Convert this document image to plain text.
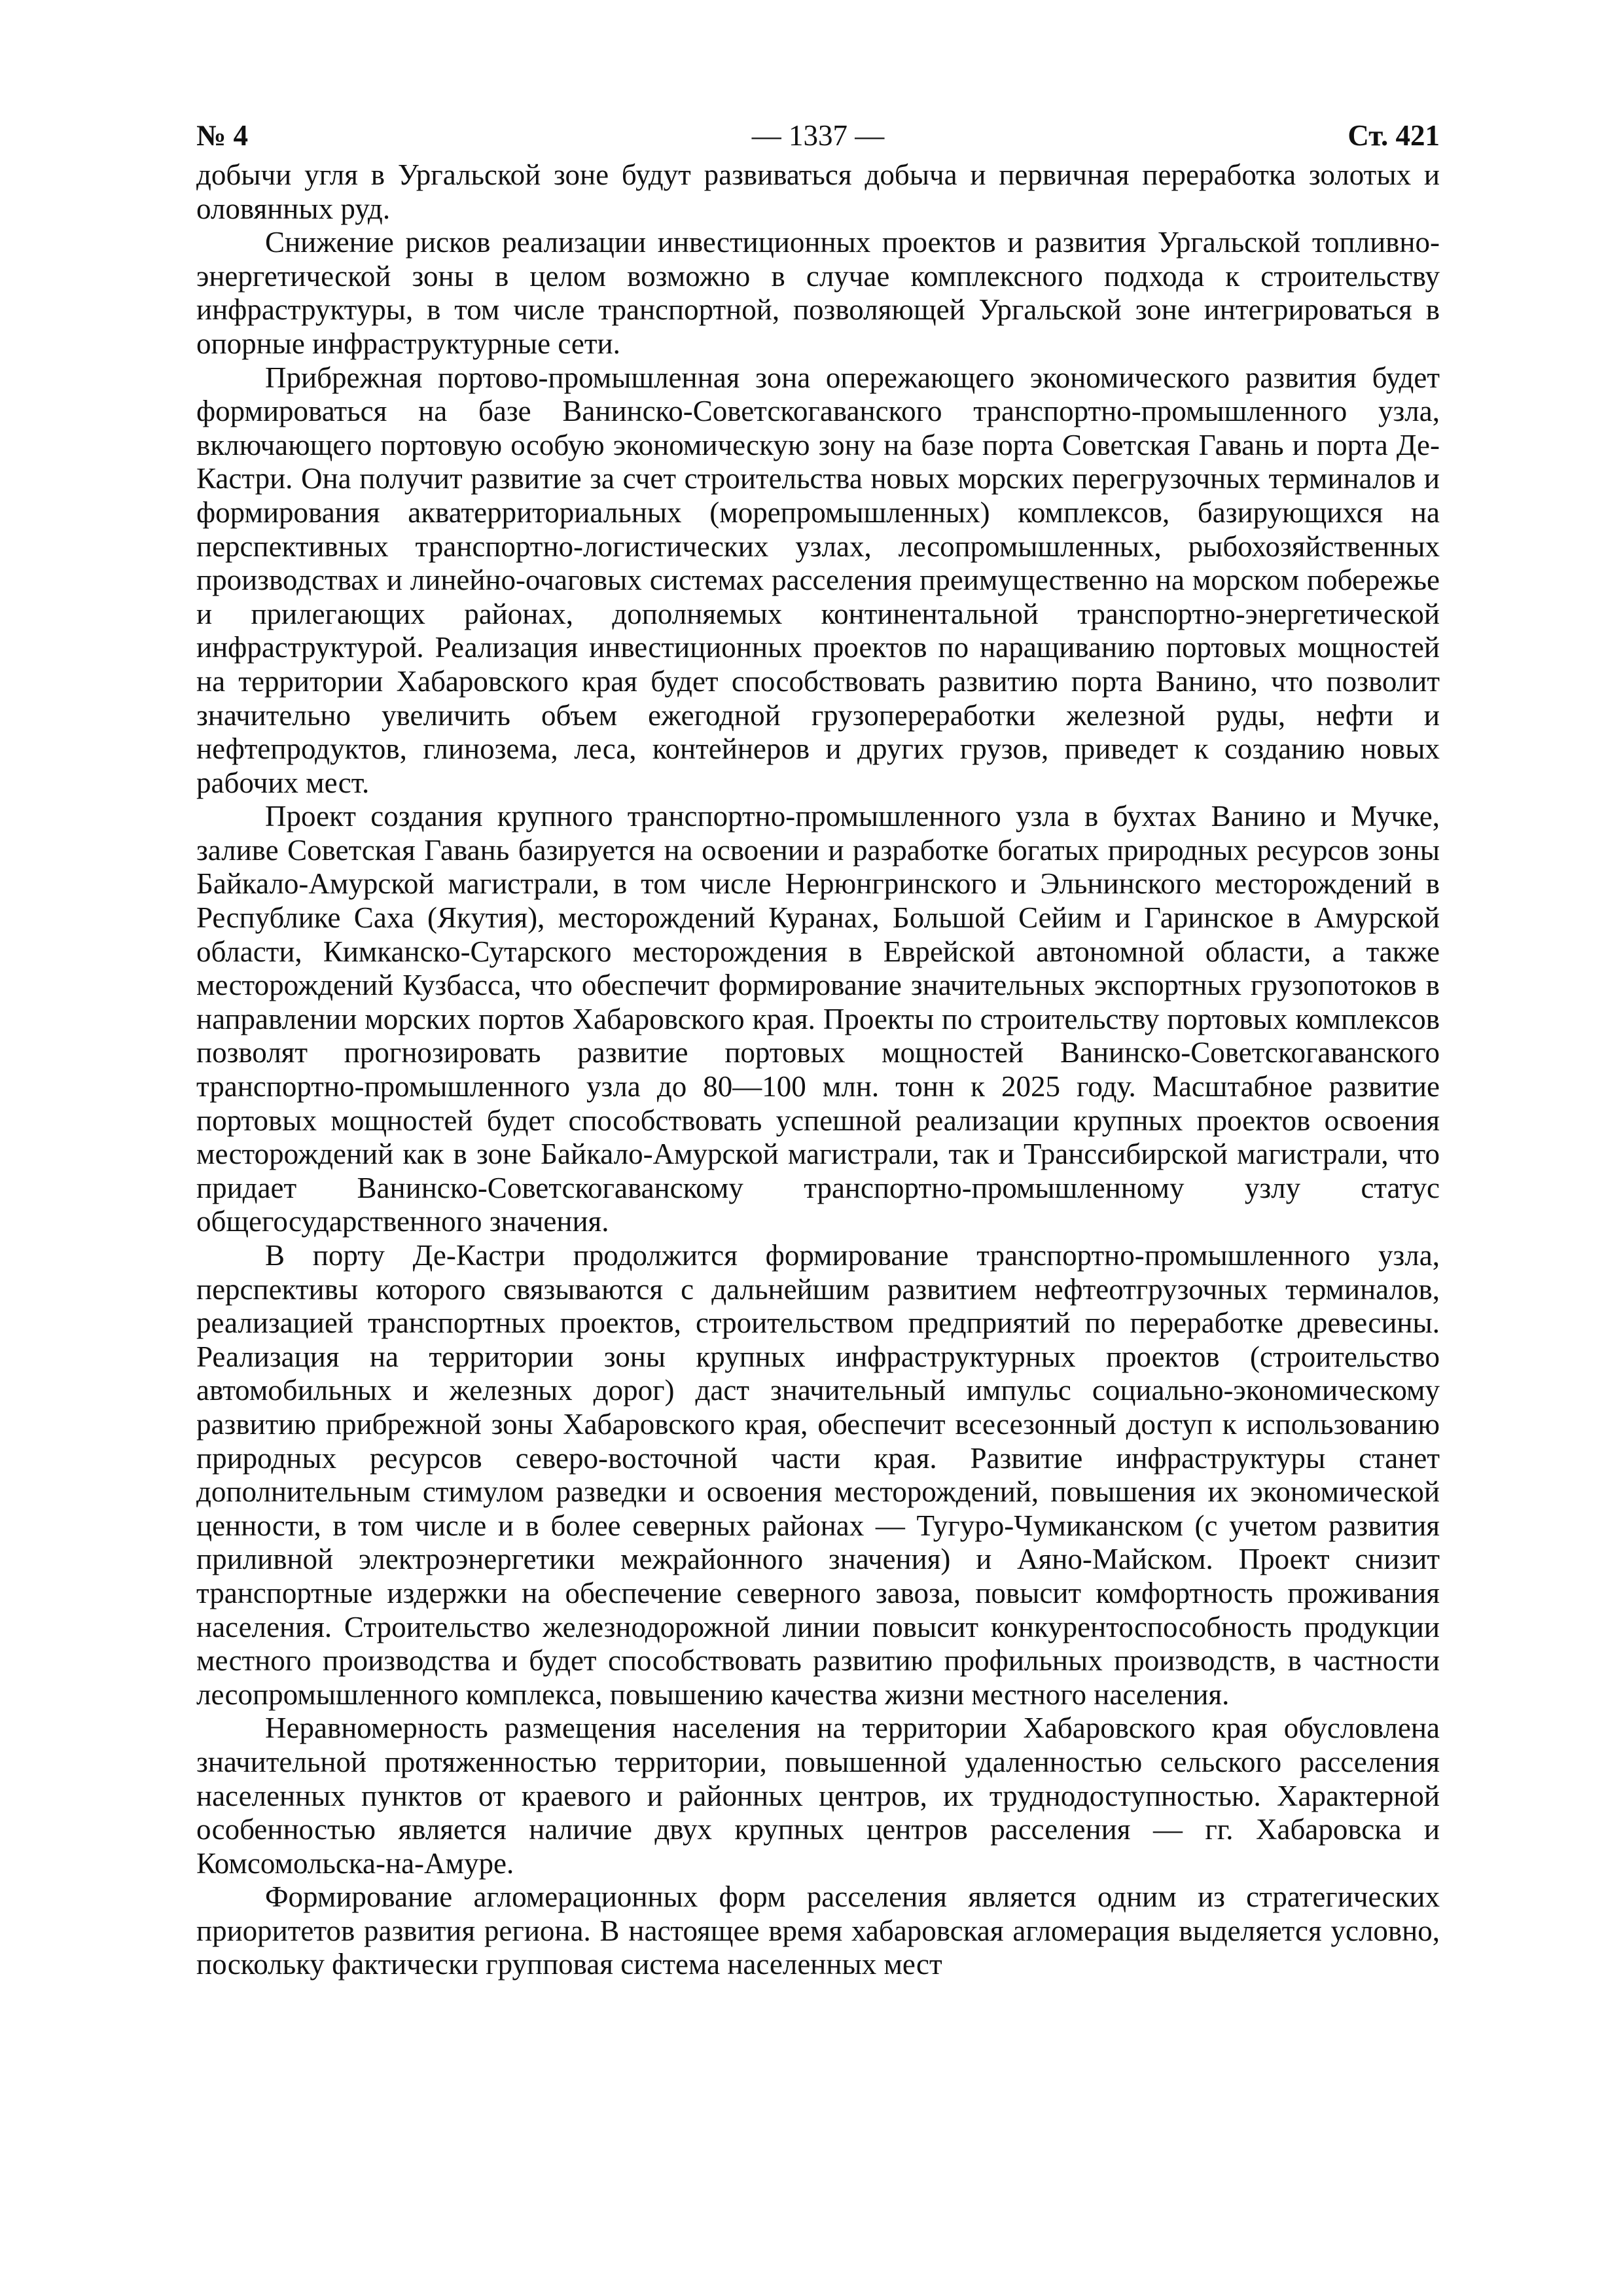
№ 4	— 1337 —	Ст. 421

добычи угля в Ургальской зоне будут развиваться добыча и первичная переработка золотых и оловянных руд.

Снижение рисков реализации инвестиционных проектов и развития Ургальской топливно-энергетической зоны в целом возможно в случае комплексного подхода к строительству инфраструктуры, в том числе транспортной, позволяющей Ургальской зоне интегрироваться в опорные инфраструктурные сети.

Прибрежная портово-промышленная зона опережающего экономического развития будет формироваться на базе Ванинско-Советскогаванского транспортно-промышленного узла, включающего портовую особую экономическую зону на базе порта Советская Гавань и порта Де-Кастри. Она получит развитие за счет строительства новых морских перегрузочных терминалов и формирования акватерриториальных (морепромышленных) комплексов, базирующихся на перспективных транспортно-логистических узлах, лесопромышленных, рыбохозяйственных производствах и линейно-очаговых системах расселения преимущественно на морском побережье и прилегающих районах, дополняемых континентальной транспортно-энергетической инфраструктурой. Реализация инвестиционных проектов по наращиванию портовых мощностей на территории Хабаровского края будет способствовать развитию порта Ванино, что позволит значительно увеличить объем ежегодной грузопереработки железной руды, нефти и нефтепродуктов, глинозема, леса, контейнеров и других грузов, приведет к созданию новых рабочих мест.

Проект создания крупного транспортно-промышленного узла в бухтах Ванино и Мучке, заливе Советская Гавань базируется на освоении и разработке богатых природных ресурсов зоны Байкало-Амурской магистрали, в том числе Нерюнгринского и Эльнинского месторождений в Республике Саха (Якутия), месторождений Куранах, Большой Сейим и Гаринское в Амурской области, Кимканско-Сутарского месторождения в Еврейской автономной области, а также месторождений Кузбасса, что обеспечит формирование значительных экспортных грузопотоков в направлении морских портов Хабаровского края. Проекты по строительству портовых комплексов позволят прогнозировать развитие портовых мощностей Ванинско-Советскогаванского транспортно-промышленного узла до 80—100 млн. тонн к 2025 году. Масштабное развитие портовых мощностей будет способствовать успешной реализации крупных проектов освоения месторождений как в зоне Байкало-Амурской магистрали, так и Транссибирской магистрали, что придает Ванинско-Советскогаванскому транспортно-промышленному узлу статус общегосударственного значения.

В порту Де-Кастри продолжится формирование транспортно-промышленного узла, перспективы которого связываются с дальнейшим развитием нефтеотгрузочных терминалов, реализацией транспортных проектов, строительством предприятий по переработке древесины. Реализация на территории зоны крупных инфраструктурных проектов (строительство автомобильных и железных дорог) даст значительный импульс социально-экономическому развитию прибрежной зоны Хабаровского края, обеспечит всесезонный доступ к использованию природных ресурсов северо-восточной части края. Развитие инфраструктуры станет дополнительным стимулом разведки и освоения месторождений, повышения их экономической ценности, в том числе и в более северных районах — Тугуро-Чумиканском (с учетом развития приливной электроэнергетики межрайонного значения) и Аяно-Майском. Проект снизит транспортные издержки на обеспечение северного завоза, повысит комфортность проживания населения. Строительство железнодорожной линии повысит конкурентоспособность продукции местного производства и будет способствовать развитию профильных производств, в частности лесопромышленного комплекса, повышению качества жизни местного населения.

Неравномерность размещения населения на территории Хабаровского края обусловлена значительной протяженностью территории, повышенной удаленностью сельского расселения населенных пунктов от краевого и районных центров, их труднодоступностью. Характерной особенностью является наличие двух крупных центров расселения — гг. Хабаровска и Комсомольска-на-Амуре.

Формирование агломерационных форм расселения является одним из стратегических приоритетов развития региона. В настоящее время хабаровская агломерация выделяется условно, поскольку фактически групповая система населенных мест
